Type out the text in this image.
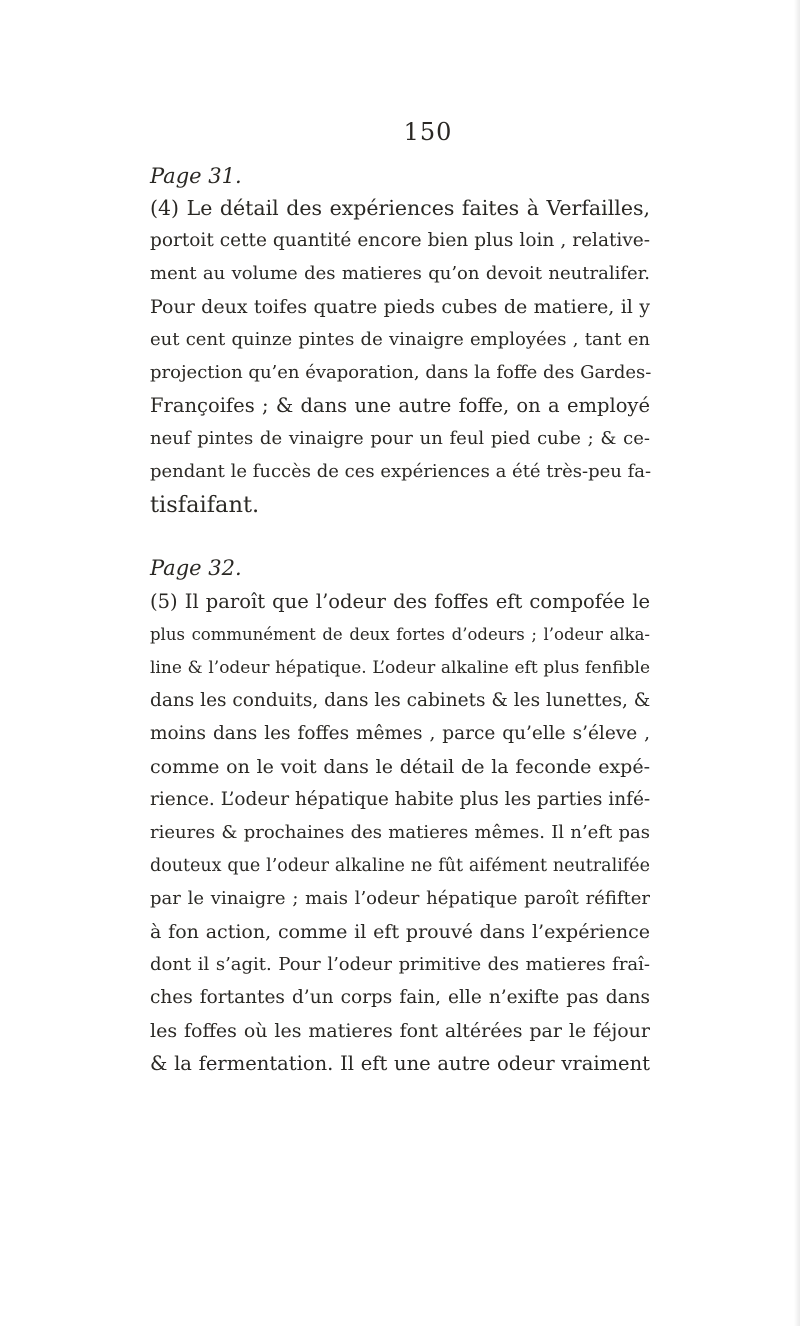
150
Page 31.
(4) Le détail des expériences faites à Verfailles,
portoit cette quantité encore bien plus loin , relative-
ment au volume des matieres qu’on devoit neutralifer.
Pour deux toifes quatre pieds cubes de matiere, il y
eut cent quinze pintes de vinaigre employées , tant en
projection qu’en évaporation, dans la foffe des Gardes-
Françoifes ; & dans une autre foffe, on a employé
neuf pintes de vinaigre pour un feul pied cube ; & ce-
pendant le fuccès de ces expériences a été très-peu fa-
tisfaifant.
Page 32.
(5) Il paroît que l’odeur des foffes eft compofée le
plus communément de deux fortes d’odeurs ; l’odeur alka-
line & l’odeur hépatique. L’odeur alkaline eft plus fenfible
dans les conduits, dans les cabinets & les lunettes, &
moins dans les foffes mêmes , parce qu’elle s’éleve ,
comme on le voit dans le détail de la feconde expé-
rience. L’odeur hépatique habite plus les parties infé-
rieures & prochaines des matieres mêmes. Il n’eft pas
douteux que l’odeur alkaline ne fût aifément neutralifée
par le vinaigre ; mais l’odeur hépatique paroît réfifter
à fon action, comme il eft prouvé dans l’expérience
dont il s’agit. Pour l’odeur primitive des matieres fraî-
ches fortantes d’un corps fain, elle n’exifte pas dans
les foffes où les matieres font altérées par le féjour
& la fermentation. Il eft une autre odeur vraiment
